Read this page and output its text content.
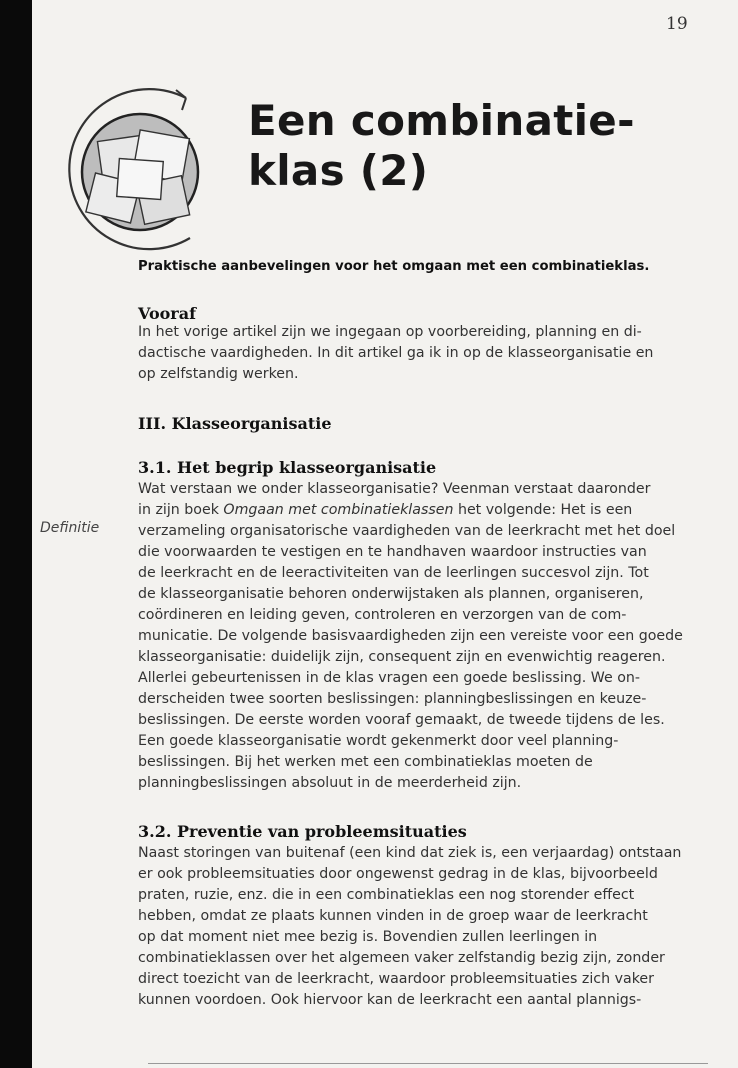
19
Een combinatie-
klas (2)
Praktische aanbevelingen voor het omgaan met een combinatieklas.
Vooraf
In het vorige artikel zijn we ingegaan op voorbereiding, planning en di-
dactische vaardigheden. In dit artikel ga ik in op de klasseorganisatie en
op zelfstandig werken.
III. Klasseorganisatie
3.1. Het begrip klasseorganisatie
Definitie
Wat verstaan we onder klasseorganisatie? Veenman verstaat daaronder
in zijn boek Omgaan met combinatieklassen het volgende: Het is een
verzameling organisatorische vaardigheden van de leerkracht met het doel
die voorwaarden te vestigen en te handhaven waardoor instructies van
de leerkracht en de leeractiviteiten van de leerlingen succesvol zijn. Tot
de klasseorganisatie behoren onderwijstaken als plannen, organiseren,
coördineren en leiding geven, controleren en verzorgen van de com-
municatie. De volgende basisvaardigheden zijn een vereiste voor een goede
klasseorganisatie: duidelijk zijn, consequent zijn en evenwichtig reageren.
Allerlei gebeurtenissen in de klas vragen een goede beslissing. We on-
derscheiden twee soorten beslissingen: planningbeslissingen en keuze-
beslissingen. De eerste worden vooraf gemaakt, de tweede tijdens de les.
Een goede klasseorganisatie wordt gekenmerkt door veel planning-
beslissingen. Bij het werken met een combinatieklas moeten de
planningbeslissingen absoluut in de meerderheid zijn.
3.2. Preventie van probleemsituaties
Naast storingen van buitenaf (een kind dat ziek is, een verjaardag) ontstaan
er ook probleemsituaties door ongewenst gedrag in de klas, bijvoorbeeld
praten, ruzie, enz. die in een combinatieklas een nog storender effect
hebben, omdat ze plaats kunnen vinden in de groep waar de leerkracht
op dat moment niet mee bezig is. Bovendien zullen leerlingen in
combinatieklassen over het algemeen vaker zelfstandig bezig zijn, zonder
direct toezicht van de leerkracht, waardoor probleemsituaties zich vaker
kunnen voordoen. Ook hiervoor kan de leerkracht een aantal plannigs-
